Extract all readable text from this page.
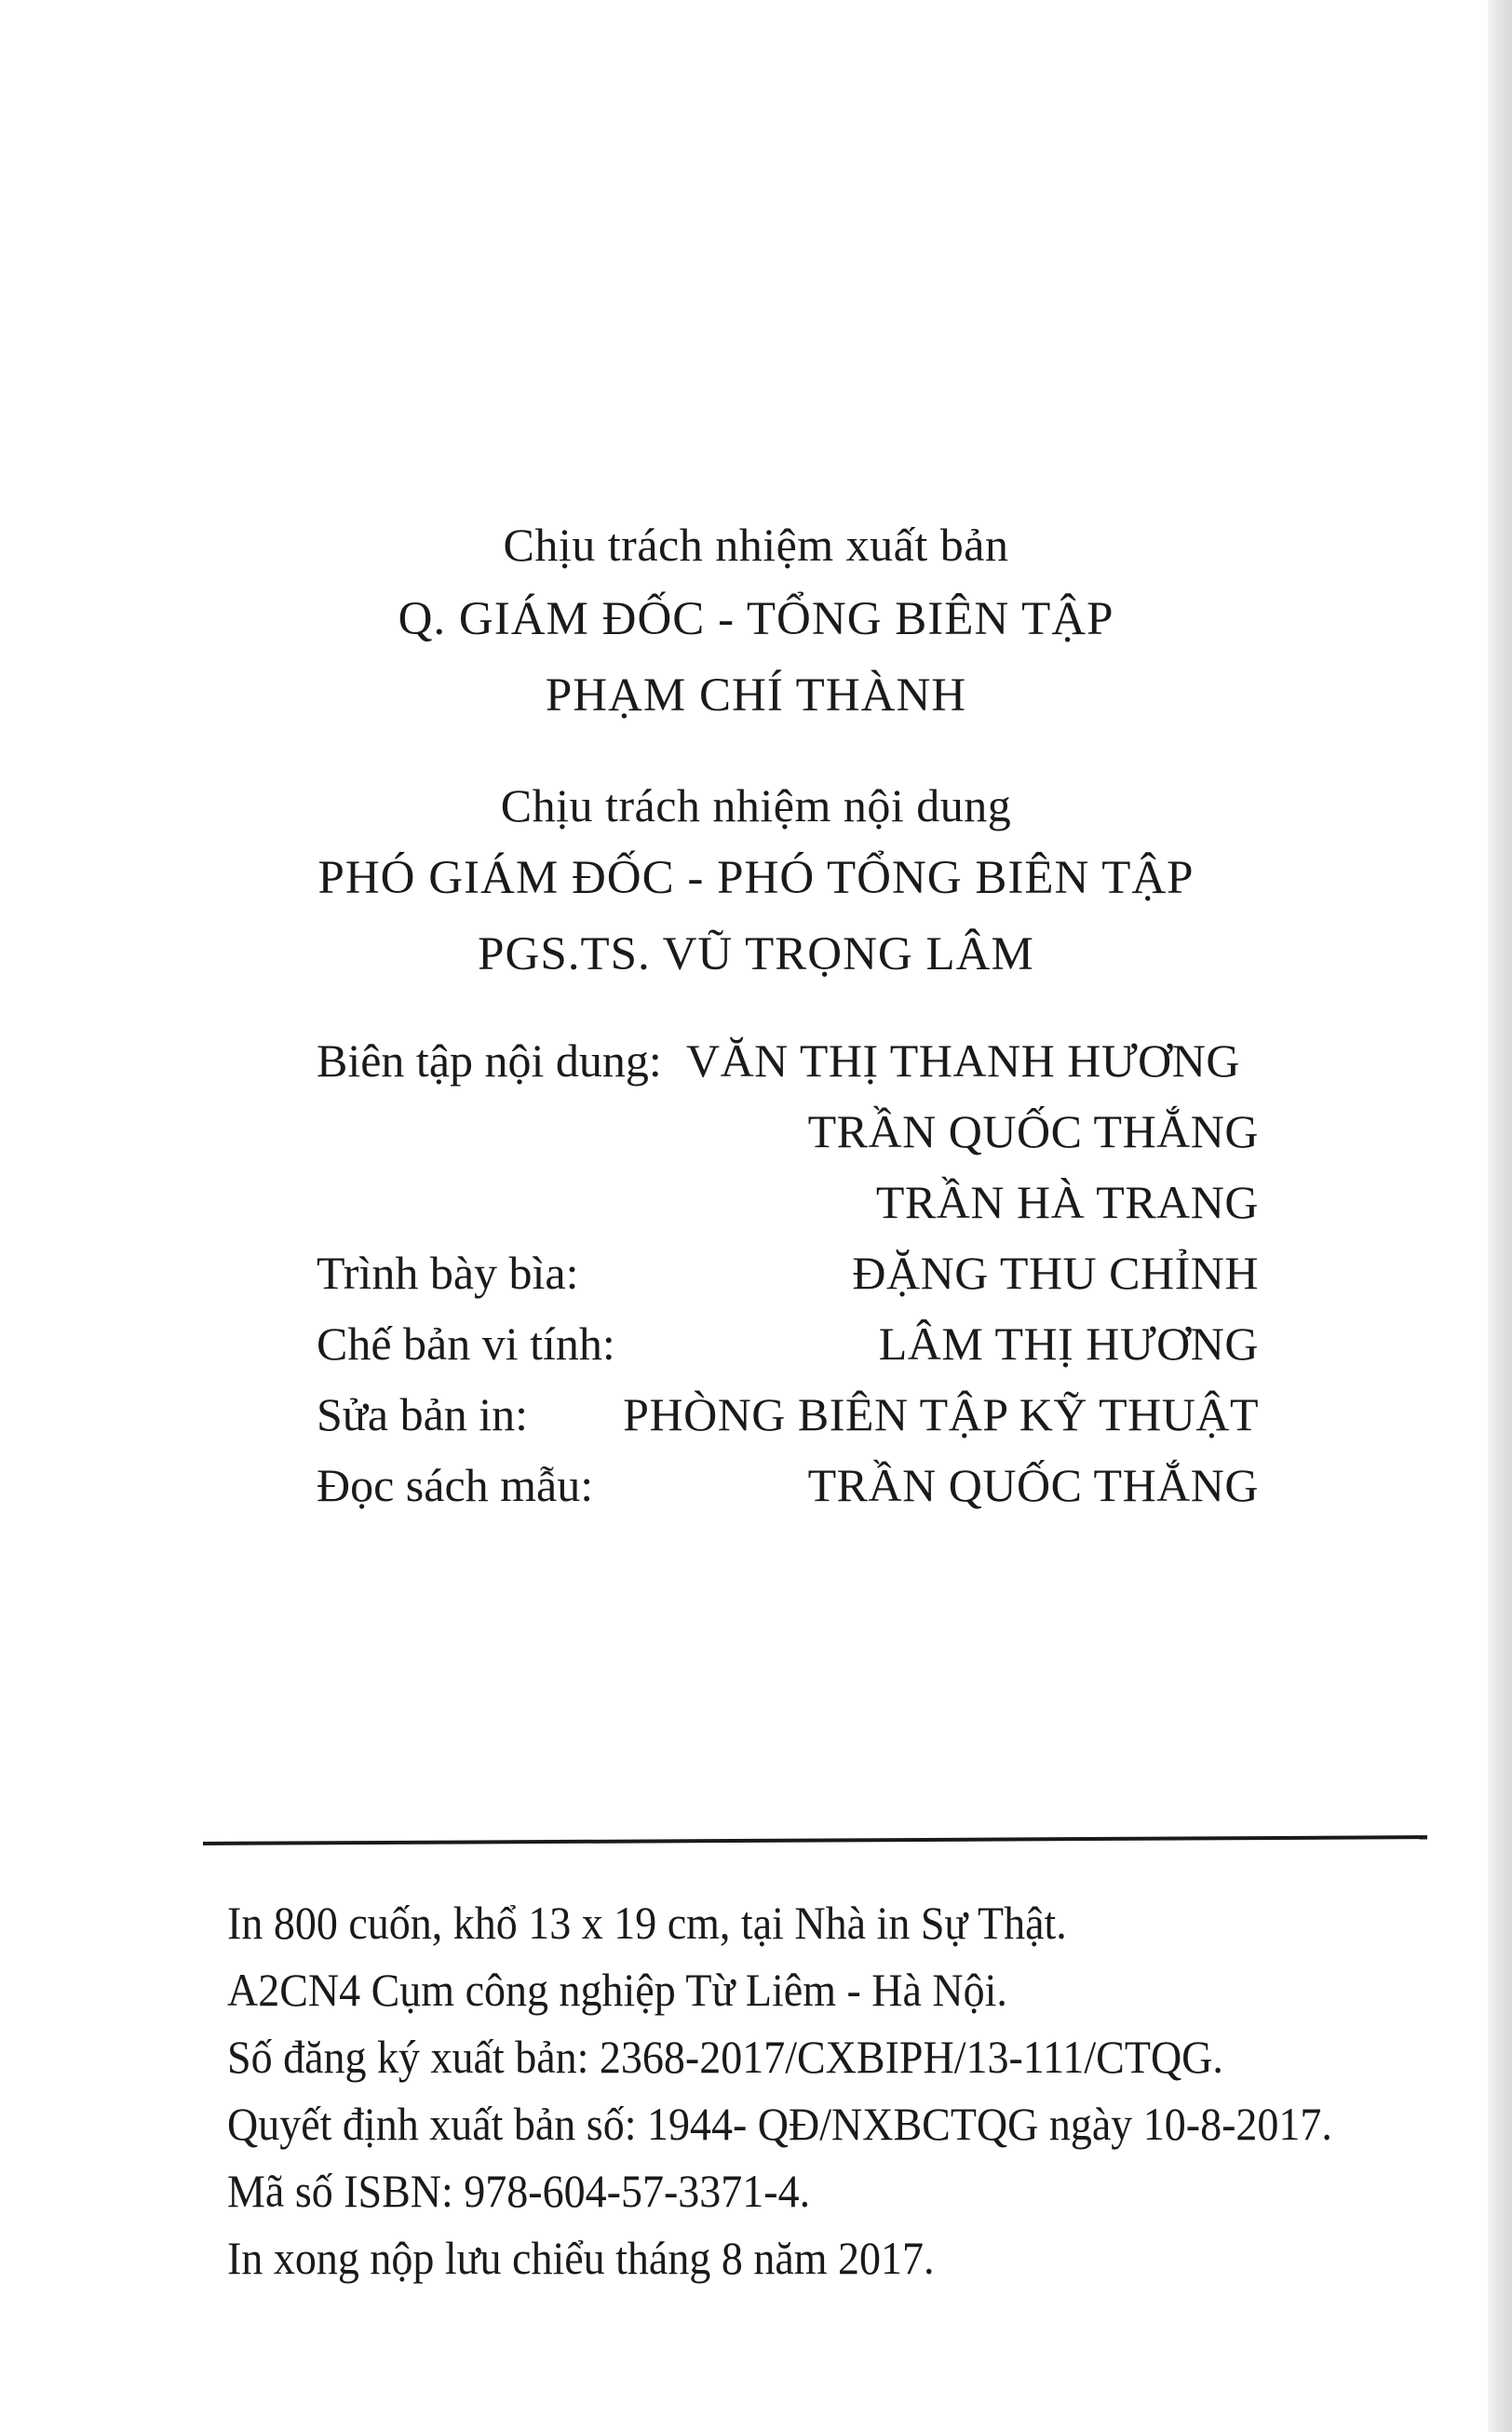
Chịu trách nhiệm xuất bản
Q. GIÁM ĐỐC - TỔNG BIÊN TẬP
PHẠM CHÍ THÀNH
Chịu trách nhiệm nội dung
PHÓ GIÁM ĐỐC - PHÓ TỔNG BIÊN TẬP
PGS.TS. VŨ TRỌNG LÂM
Biên tập nội dung: VĂN THỊ THANH HƯƠNG
TRẦN QUỐC THẮNG
TRẦN HÀ TRANG
Trình bày bìa:	ĐẶNG THU CHỈNH
Chế bản vi tính:	LÂM THỊ HƯƠNG
Sửa bản in: PHÒNG BIÊN TẬP KỸ THUẬT
Đọc sách mẫu:	TRẦN QUỐC THẮNG
In 800 cuốn, khổ 13 x 19 cm, tại Nhà in Sự Thật.
A2CN4 Cụm công nghiệp Từ Liêm - Hà Nội.
Số đăng ký xuất bản: 2368-2017/CXBIPH/13-111/CTQG.
Quyết định xuất bản số: 1944- QĐ/NXBCTQG ngày 10-8-2017.
Mã số ISBN: 978-604-57-3371-4.
In xong nộp lưu chiểu tháng 8 năm 2017.
